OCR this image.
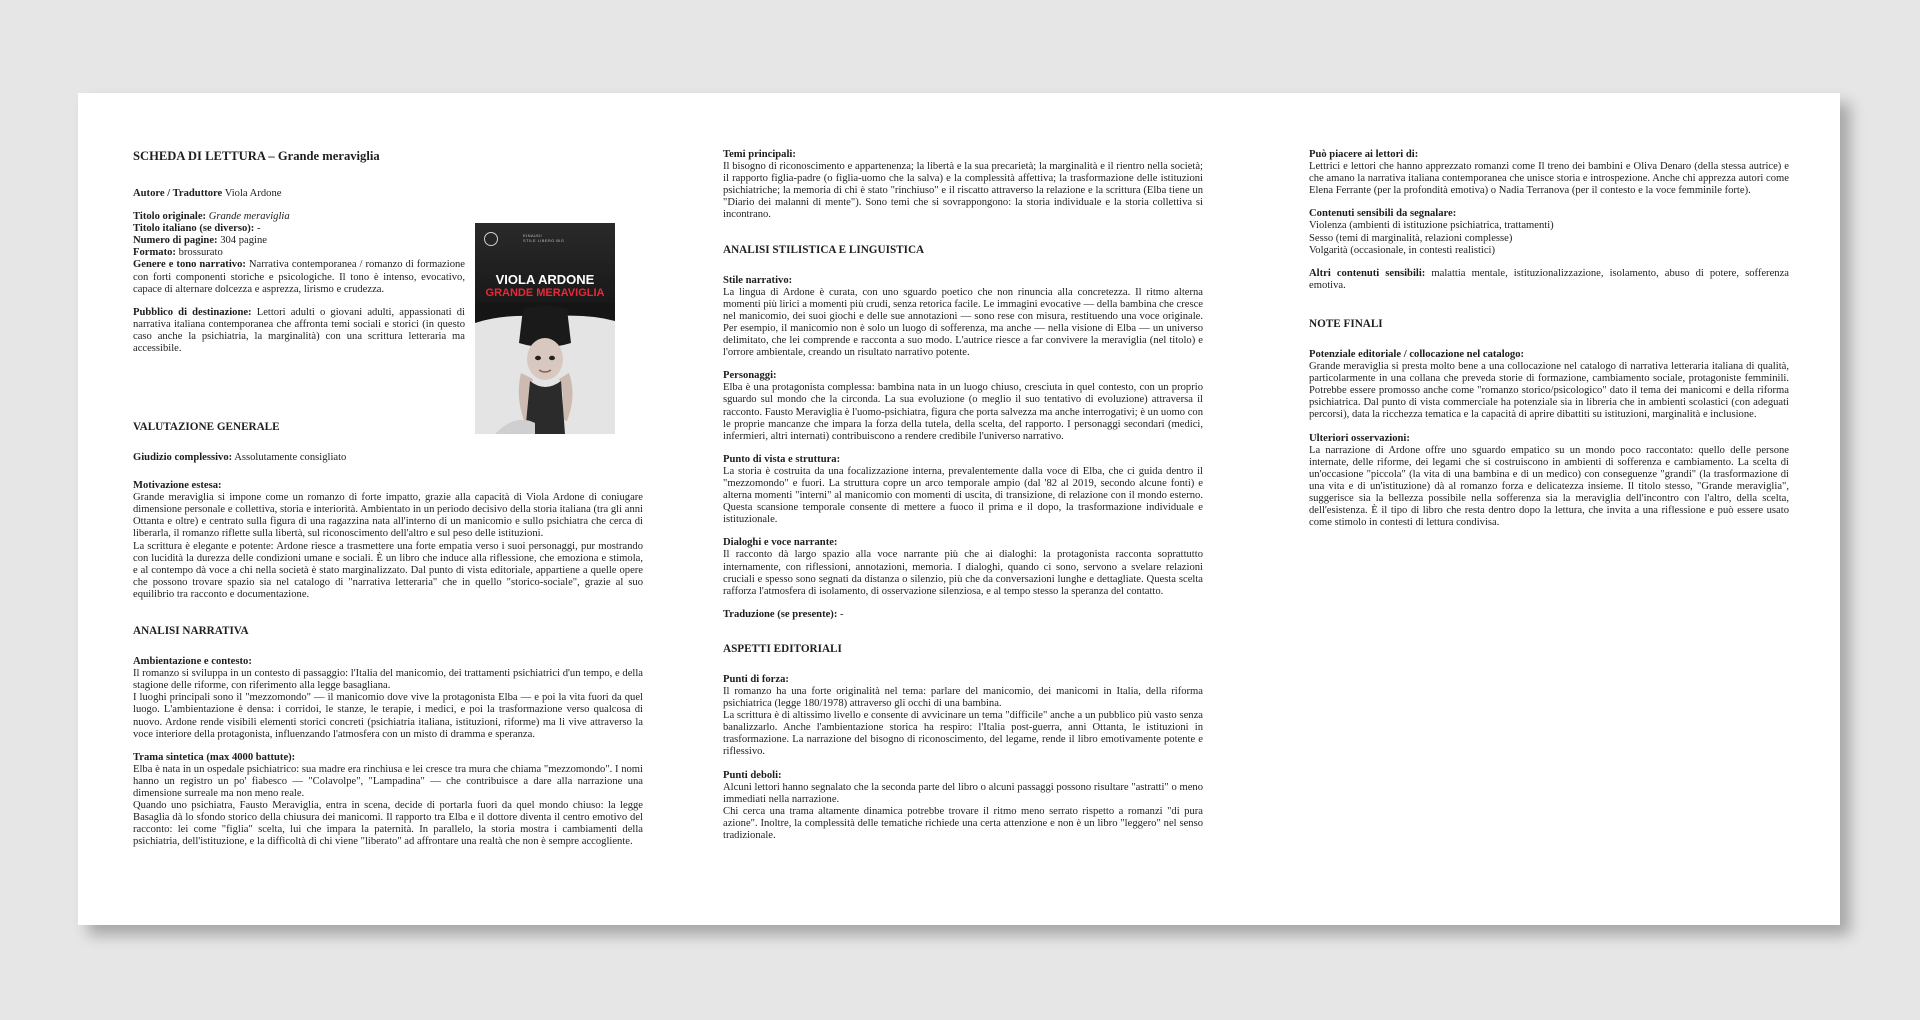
SCHEDA DI LETTURA – Grande meraviglia

Autore / Traduttore Viola Ardone

Titolo originale: Grande meraviglia

Titolo italiano (se diverso): -

Numero di pagine: 304 pagine

Formato: brossurato

Genere e tono narrativo: Narrativa contemporanea / romanzo di formazione con forti componenti storiche e psicologiche. Il tono è intenso, evocativo, capace di alternare dolcezza e asprezza, lirismo e crudezza.

Pubblico di destinazione: Lettori adulti o giovani adulti, appassionati di narrativa italiana contemporanea che affronta temi sociali e storici (in questo caso anche la psichiatria, la marginalità) con una scrittura letteraria ma accessibile.

EINAUDI
STILE LIBERO BIG
VIOLA ARDONE
GRANDE MERAVIGLIA
VALUTAZIONE GENERALE

Giudizio complessivo: Assolutamente consigliato

Motivazione estesa:

Grande meraviglia si impone come un romanzo di forte impatto, grazie alla capacità di Viola Ardone di coniugare dimensione personale e collettiva, storia e interiorità. Ambientato in un periodo decisivo della storia italiana (tra gli anni Ottanta e oltre) e centrato sulla figura di una ragazzina nata all'interno di un manicomio e sullo psichiatra che cerca di liberarla, il romanzo riflette sulla libertà, sul riconoscimento dell'altro e sul peso delle istituzioni.

La scrittura è elegante e potente: Ardone riesce a trasmettere una forte empatia verso i suoi personaggi, pur mostrando con lucidità la durezza delle condizioni umane e sociali. È un libro che induce alla riflessione, che emoziona e stimola, e al contempo dà voce a chi nella società è stato marginalizzato. Dal punto di vista editoriale, appartiene a quelle opere che possono trovare spazio sia nel catalogo di "narrativa letteraria" che in quello "storico-sociale", grazie al suo equilibrio tra racconto e documentazione.

ANALISI NARRATIVA

Ambientazione e contesto:

Il romanzo si sviluppa in un contesto di passaggio: l'Italia del manicomio, dei trattamenti psichiatrici d'un tempo, e della stagione delle riforme, con riferimento alla legge basagliana.

I luoghi principali sono il "mezzomondo" — il manicomio dove vive la protagonista Elba — e poi la vita fuori da quel luogo. L'ambientazione è densa: i corridoi, le stanze, le terapie, i medici, e poi la trasformazione verso qualcosa di nuovo. Ardone rende visibili elementi storici concreti (psichiatria italiana, istituzioni, riforme) ma li vive attraverso la voce interiore della protagonista, influenzando l'atmosfera con un misto di dramma e speranza.

Trama sintetica (max 4000 battute):

Elba è nata in un ospedale psichiatrico: sua madre era rinchiusa e lei cresce tra mura che chiama "mezzomondo". I nomi hanno un registro un po' fiabesco — "Colavolpe", "Lampadina" — che contribuisce a dare alla narrazione una dimensione surreale ma non meno reale.

Quando uno psichiatra, Fausto Meraviglia, entra in scena, decide di portarla fuori da quel mondo chiuso: la legge Basaglia dà lo sfondo storico della chiusura dei manicomi. Il rapporto tra Elba e il dottore diventa il centro emotivo del racconto: lei come "figlia" scelta, lui che impara la paternità. In parallelo, la storia mostra i cambiamenti della psichiatria, dell'istituzione, e la difficoltà di chi viene "liberato" ad affrontare una realtà che non è sempre accogliente.

Temi principali:

Il bisogno di riconoscimento e appartenenza; la libertà e la sua precarietà; la marginalità e il rientro nella società; il rapporto figlia-padre (o figlia-uomo che la salva) e la complessità affettiva; la trasformazione delle istituzioni psichiatriche; la memoria di chi è stato "rinchiuso" e il riscatto attraverso la relazione e la scrittura (Elba tiene un "Diario dei malanni di mente"). Sono temi che si sovrappongono: la storia individuale e la storia collettiva si incontrano.

ANALISI STILISTICA E LINGUISTICA

Stile narrativo:

La lingua di Ardone è curata, con uno sguardo poetico che non rinuncia alla concretezza. Il ritmo alterna momenti più lirici a momenti più crudi, senza retorica facile. Le immagini evocative — della bambina che cresce nel manicomio, dei suoi giochi e delle sue annotazioni — sono rese con misura, restituendo una voce originale. Per esempio, il manicomio non è solo un luogo di sofferenza, ma anche — nella visione di Elba — un universo delimitato, che lei comprende e racconta a suo modo. L'autrice riesce a far convivere la meraviglia (nel titolo) e l'orrore ambientale, creando un risultato narrativo potente.

Personaggi:

Elba è una protagonista complessa: bambina nata in un luogo chiuso, cresciuta in quel contesto, con un proprio sguardo sul mondo che la circonda. La sua evoluzione (o meglio il suo tentativo di evoluzione) attraversa il racconto. Fausto Meraviglia è l'uomo-psichiatra, figura che porta salvezza ma anche interrogativi; è un uomo con le proprie mancanze che impara la forza della tutela, della scelta, del rapporto. I personaggi secondari (medici, infermieri, altri internati) contribuiscono a rendere credibile l'universo narrativo.

Punto di vista e struttura:

La storia è costruita da una focalizzazione interna, prevalentemente dalla voce di Elba, che ci guida dentro il "mezzomondo" e fuori. La struttura copre un arco temporale ampio (dal '82 al 2019, secondo alcune fonti) e alterna momenti "interni" al manicomio con momenti di uscita, di transizione, di relazione con il mondo esterno. Questa scansione temporale consente di mettere a fuoco il prima e il dopo, la trasformazione individuale e istituzionale.

Dialoghi e voce narrante:

Il racconto dà largo spazio alla voce narrante più che ai dialoghi: la protagonista racconta soprattutto internamente, con riflessioni, annotazioni, memoria. I dialoghi, quando ci sono, servono a svelare relazioni cruciali e spesso sono segnati da distanza o silenzio, più che da conversazioni lunghe e dettagliate. Questa scelta rafforza l'atmosfera di isolamento, di osservazione silenziosa, e al tempo stesso la speranza del contatto.

Traduzione (se presente): -

ASPETTI EDITORIALI

Punti di forza:

Il romanzo ha una forte originalità nel tema: parlare del manicomio, dei manicomi in Italia, della riforma psichiatrica (legge 180/1978) attraverso gli occhi di una bambina.

La scrittura è di altissimo livello e consente di avvicinare un tema "difficile" anche a un pubblico più vasto senza banalizzarlo. Anche l'ambientazione storica ha respiro: l'Italia post-guerra, anni Ottanta, le istituzioni in trasformazione. La narrazione del bisogno di riconoscimento, del legame, rende il libro emotivamente potente e riflessivo.

Punti deboli:

Alcuni lettori hanno segnalato che la seconda parte del libro o alcuni passaggi possono risultare "astratti" o meno immediati nella narrazione.

Chi cerca una trama altamente dinamica potrebbe trovare il ritmo meno serrato rispetto a romanzi "di pura azione". Inoltre, la complessità delle tematiche richiede una certa attenzione e non è un libro "leggero" nel senso tradizionale.

Può piacere ai lettori di:

Lettrici e lettori che hanno apprezzato romanzi come Il treno dei bambini e Oliva Denaro (della stessa autrice) e che amano la narrativa italiana contemporanea che unisce storia e introspezione. Anche chi apprezza autori come Elena Ferrante (per la profondità emotiva) o Nadia Terranova (per il contesto e la voce femminile forte).

Contenuti sensibili da segnalare:

Violenza (ambienti di istituzione psichiatrica, trattamenti)

Sesso (temi di marginalità, relazioni complesse)

Volgarità (occasionale, in contesti realistici)

Altri contenuti sensibili: malattia mentale, istituzionalizzazione, isolamento, abuso di potere, sofferenza emotiva.

NOTE FINALI

Potenziale editoriale / collocazione nel catalogo:

Grande meraviglia si presta molto bene a una collocazione nel catalogo di narrativa letteraria italiana di qualità, particolarmente in una collana che preveda storie di formazione, cambiamento sociale, protagoniste femminili. Potrebbe essere promosso anche come "romanzo storico/psicologico" dato il tema dei manicomi e della riforma psichiatrica. Dal punto di vista commerciale ha potenziale sia in libreria che in ambienti scolastici (con adeguati percorsi), data la ricchezza tematica e la capacità di aprire dibattiti su istituzioni, marginalità e inclusione.

Ulteriori osservazioni:

La narrazione di Ardone offre uno sguardo empatico su un mondo poco raccontato: quello delle persone internate, delle riforme, dei legami che si costruiscono in ambienti di sofferenza e cambiamento. La scelta di un'occasione "piccola" (la vita di una bambina e di un medico) con conseguenze "grandi" (la trasformazione di una vita e di un'istituzione) dà al romanzo forza e delicatezza insieme. Il titolo stesso, "Grande meraviglia", suggerisce sia la bellezza possibile nella sofferenza sia la meraviglia dell'incontro con l'altro, della scelta, dell'esistenza. È il tipo di libro che resta dentro dopo la lettura, che invita a una riflessione e può essere usato come stimolo in contesti di lettura condivisa.
